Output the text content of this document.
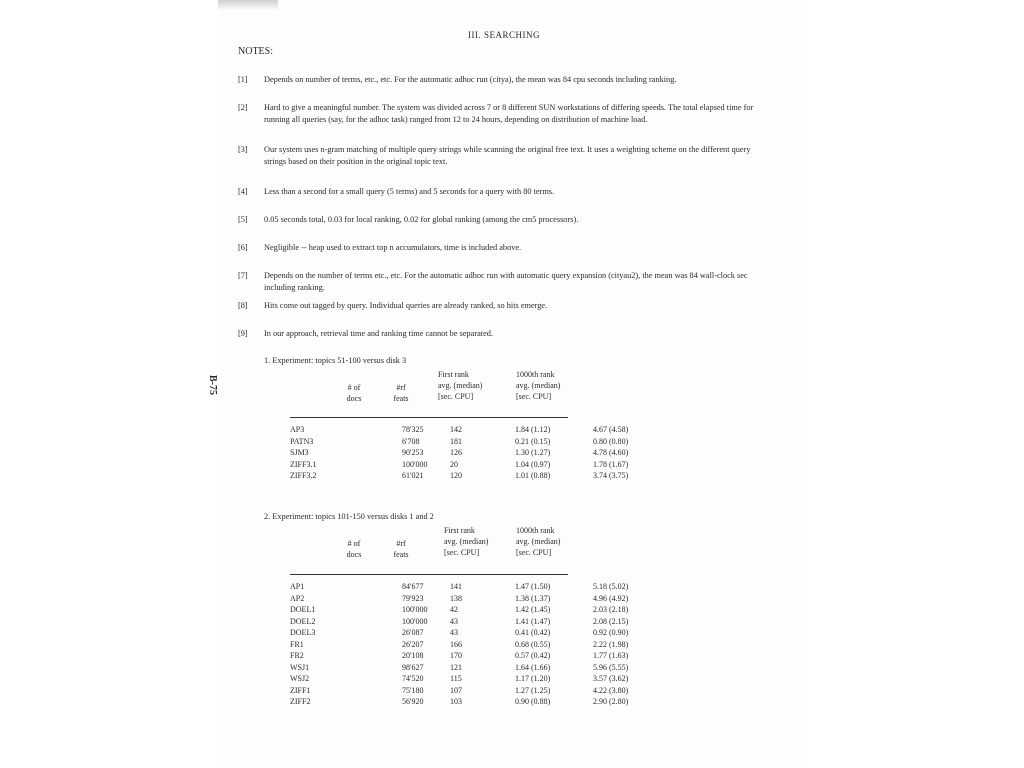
III. SEARCHING
NOTES:
B-75
[1]	Depends on number of terms, etc., etc. For the automatic adhoc run (citya), the mean was 84 cpu seconds including ranking.
[2]	Hard to give a meaningful number. The system was divided across 7 or 8 different SUN workstations of differing speeds. The total elapsed time for running all queries (say, for the adhoc task) ranged from 12 to 24 hours, depending on distribution of machine load.
[3]	Our system uses n-gram matching of multiple query strings while scanning the original free text. It uses a weighting scheme on the different query strings based on their position in the original topic text.
[4]	Less than a second for a small query (5 terms) and 5 seconds for a query with 80 terms.
[5]	0.05 seconds total, 0.03 for local ranking, 0.02 for global ranking (among the cm5 processors).
[6]	Negligible -- heap used to extract top n accumulators, time is included above.
[7]	Depends on the number of terms etc., etc. For the automatic adhoc run with automatic query expansion (cityau2), the mean was 84 wall-clock sec including ranking.
[8]	Hits come out tagged by query. Individual queries are already ranked, so hits emerge.
[9]	In our approach, retrieval time and ranking time cannot be separated.
1. Experiment: topics 51-100 versus disk 3
# of
docs
#rf
feats
First rank
avg. (median)
[sec. CPU]
1000th rank
avg. (median)
[sec. CPU]
AP3	78'325	142	1.84 (1.12)	4.67 (4.58)
PATN3	6'708	181	0.21 (0.15)	0.80 (0.80)
SJM3	90'253	126	1.30 (1.27)	4.78 (4.60)
ZIFF3.1	100'000	20	1.04 (0.97)	1.78 (1.67)
ZIFF3.2	61'021	120	1.01 (0.88)	3.74 (3.75)
2. Experiment: topics 101-150 versus disks 1 and 2
# of
docs
#rf
feats
First rank
avg. (median)
[sec. CPU]
1000th rank
avg. (median)
[sec. CPU]
AP1	84'677	141	1.47 (1.50)	5.18 (5.02)
AP2	79'923	138	1.38 (1.37)	4.96 (4.92)
DOEL1	100'000	42	1.42 (1.45)	2.03 (2.18)
DOEL2	100'000	43	1.41 (1.47)	2.08 (2.15)
DOEL3	26'087	43	0.41 (0.42)	0.92 (0.90)
FR1	26'207	166	0.68 (0.55)	2.22 (1.98)
FR2	20'108	170	0.57 (0.42)	1.77 (1.63)
WSJ1	98'627	121	1.64 (1.66)	5.96 (5.55)
WSJ2	74'520	115	1.17 (1.20)	3.57 (3.62)
ZIFF1	75'180	107	1.27 (1.25)	4.22 (3.80)
ZIFF2	56'920	103	0.90 (0.88)	2.90 (2.80)
